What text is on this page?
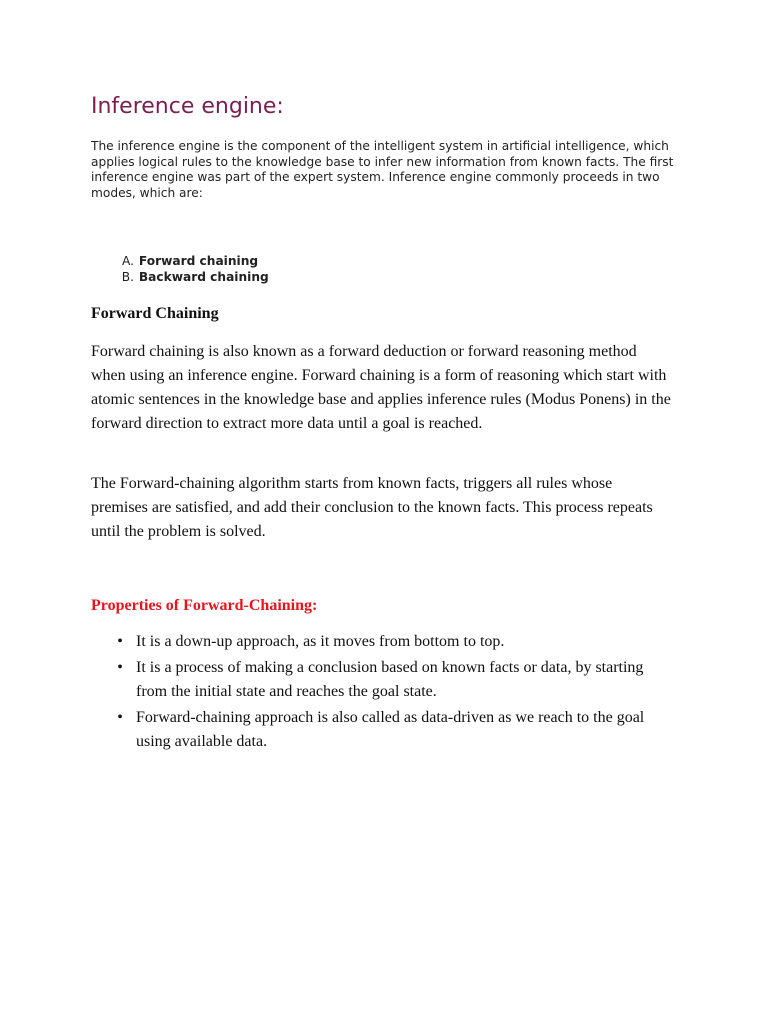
Inference engine:

The inference engine is the component of the intelligent system in artificial intelligence, which applies logical rules to the knowledge base to infer new information from known facts. The first inference engine was part of the expert system. Inference engine commonly proceeds in two modes, which are:

A. Forward chaining
B. Backward chaining
Forward Chaining

Forward chaining is also known as a forward deduction or forward reasoning method when using an inference engine. Forward chaining is a form of reasoning which start with atomic sentences in the knowledge base and applies inference rules (Modus Ponens) in the forward direction to extract more data until a goal is reached.

The Forward-chaining algorithm starts from known facts, triggers all rules whose premises are satisfied, and add their conclusion to the known facts. This process repeats until the problem is solved.

Properties of Forward-Chaining:
• It is a down-up approach, as it moves from bottom to top.
• It is a process of making a conclusion based on known facts or data, by starting from the initial state and reaches the goal state.
• Forward-chaining approach is also called as data-driven as we reach to the goal using available data.
